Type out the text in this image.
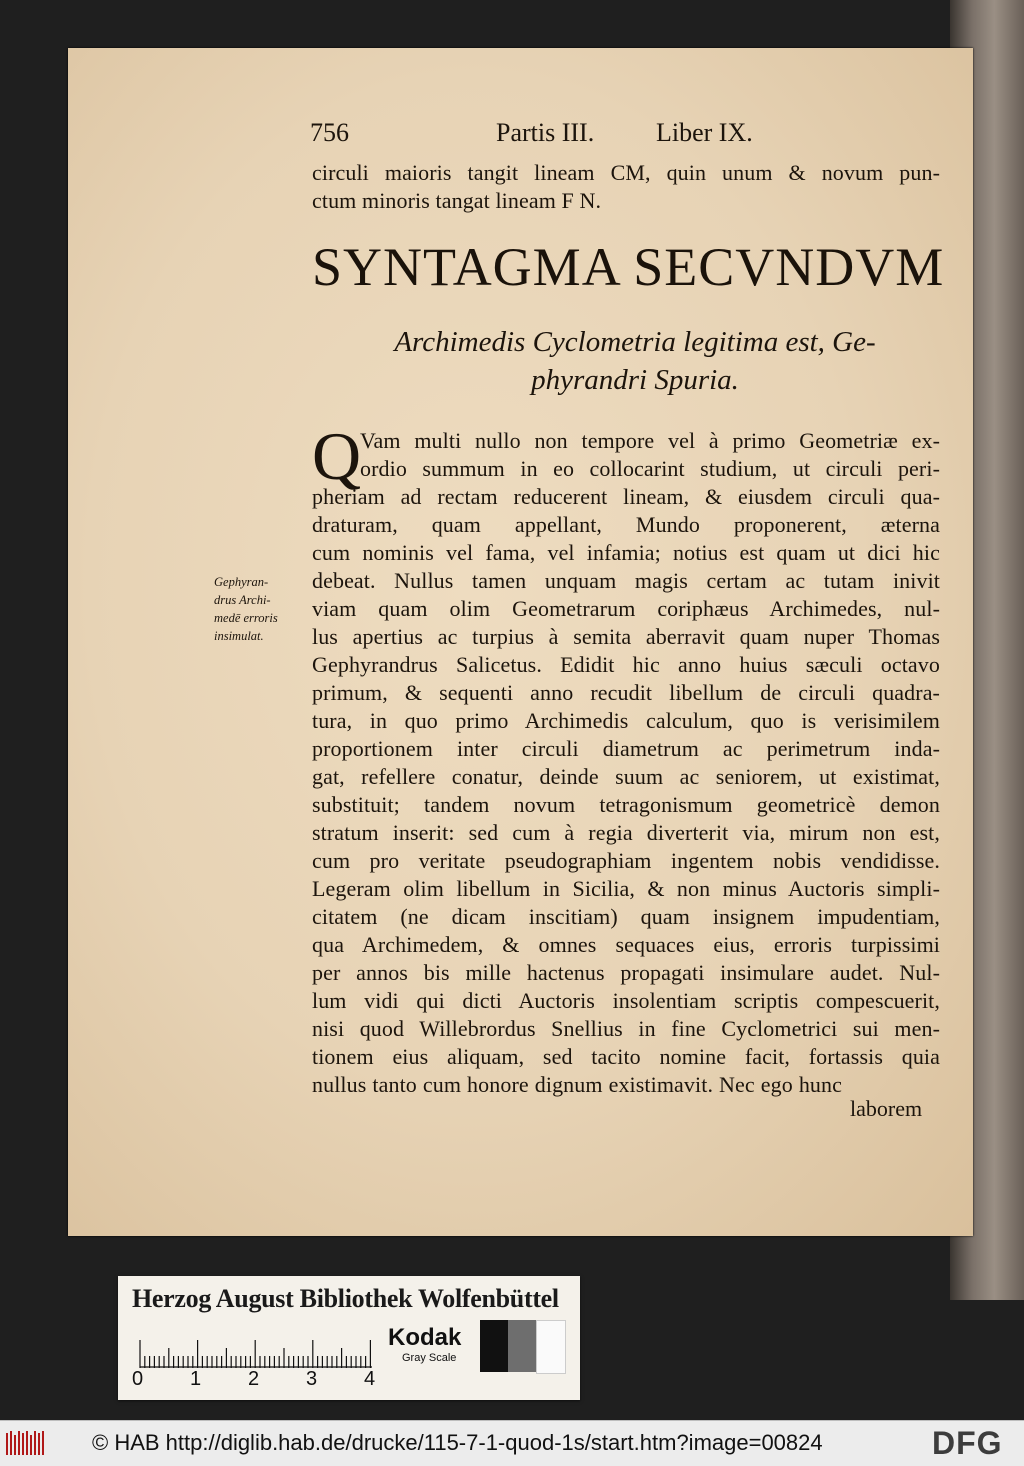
756	Partis III. Liber IX.
circuli maioris tangit lineam CM, quin unum & novum pun-
ctum minoris tangat lineam F N.
SYNTAGMA SECVNDVM
Archimedis Cyclometria legitima est, Ge-
phyrandri Spuria.
Q
Vam multi nullo non tempore vel à primo Geometriæ ex-
ordio summum in eo collocarint studium, ut circuli peri-
pheriam ad rectam reducerent lineam, & eiusdem circuli qua-
draturam, quam appellant, Mundo proponerent, æterna
cum nominis vel fama, vel infamia; notius est quam ut dici hic
debeat. Nullus tamen unquam magis certam ac tutam inivit
viam quam olim Geometrarum coriphæus Archimedes, nul-
lus apertius ac turpius à semita aberravit quam nuper Thomas
Gephyrandrus Salicetus. Edidit hic anno huius sæculi octavo
primum, & sequenti anno recudit libellum de circuli quadra-
tura, in quo primo Archimedis calculum, quo is verisimilem
proportionem inter circuli diametrum ac perimetrum inda-
gat, refellere conatur, deinde suum ac seniorem, ut existimat,
substituit; tandem novum tetragonismum geometricè demon
stratum inserit: sed cum à regia diverterit via, mirum non est,
cum pro veritate pseudographiam ingentem nobis vendidisse.
Legeram olim libellum in Sicilia, & non minus Auctoris simpli-
citatem (ne dicam inscitiam) quam insignem impudentiam,
qua Archimedem, & omnes sequaces eius, erroris turpissimi
per annos bis mille hactenus propagati insimulare audet. Nul-
lum vidi qui dicti Auctoris insolentiam scriptis compescuerit,
nisi quod Willebrordus Snellius in fine Cyclometrici sui men-
tionem eius aliquam, sed tacito nomine facit, fortassis quia
nullus tanto cum honore dignum existimavit. Nec ego hunc
laborem
Gephyran-
drus Archi-
medē erroris
insimulat.
Herzog August Bibliothek Wolfenbüttel
0 1 2 3 4
Kodak
Gray Scale
© HAB http://diglib.hab.de/drucke/115-7-1-quod-1s/start.htm?image=00824	DFG
